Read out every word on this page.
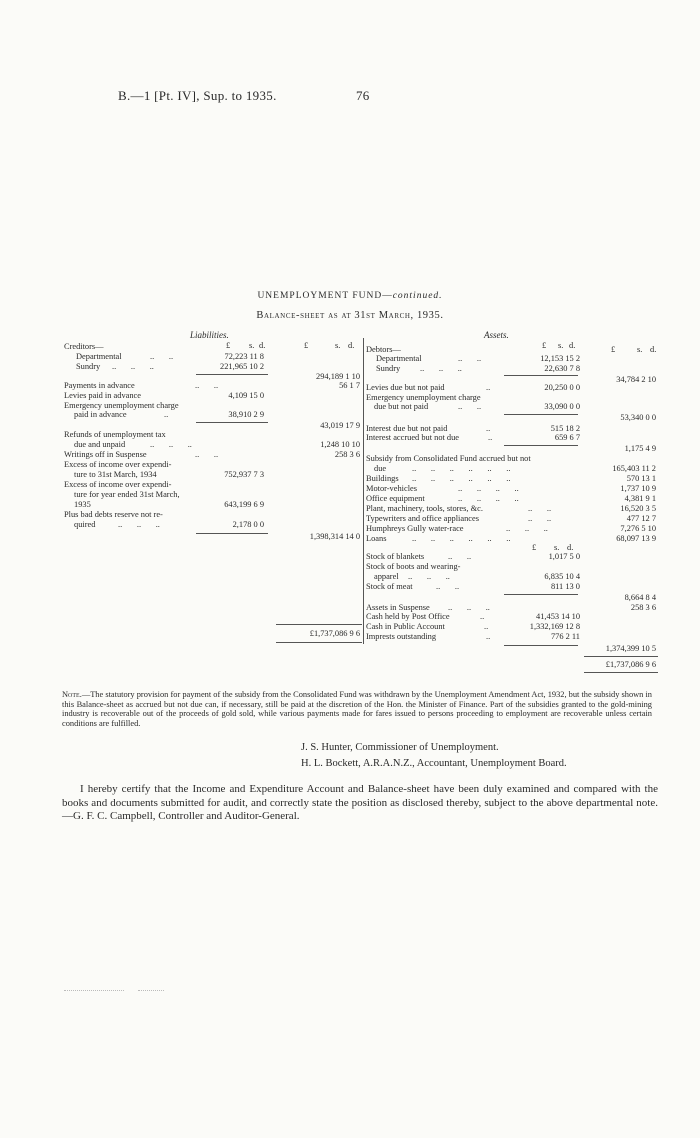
B.—1 [Pt. IV], Sup. to 1935.	76
UNEMPLOYMENT FUND—continued.
Balance-sheet as at 31st March, 1935.
Liabilities.
£ s. d.	£	s. d.
Creditors—
Departmental	..       ..	72,223 11 8
Sundry ..       ..       ..	221,965 10 2
294,189 1 10
Payments in advance	..       ..	56 1 7
Levies paid in advance	4,109 15 0
Emergency unemployment charge
paid in advance	..	38,910 2 9
43,019 17 9
Refunds of unemployment tax
due and unpaid	..       ..       ..	1,248 10 10
Writings off in Suspense	..       ..	258 3 6
Excess of income over expendi-
ture to 31st March, 1934	752,937 7 3
Excess of income over expendi-
ture for year ended 31st March,
1935	643,199 6 9
Plus bad debts reserve not re-
quired	..       ..       ..	2,178 0 0
1,398,314 14 0
£1,737,086 9 6
Assets.
£ s. d.	£	s. d.
Debtors—
Departmental	..       ..	12,153 15 2
Sundry ..       ..       ..	22,630 7 8
34,784 2 10
Levies due but not paid	..	20,250 0 0
Emergency unemployment charge
due but not paid	..       ..	33,090 0 0
53,340 0 0
Interest due but not paid	..	515 18 2
Interest accrued but not due	..	659 6 7
1,175 4 9
Subsidy from Consolidated Fund accrued but not
due	..       ..       ..       ..       ..       ..	165,403 11 2
Buildings ..       ..       ..       ..       ..       ..	570 13 1
Motor-vehicles	..       ..       ..       ..	1,737 10 9
Office equipment	..       ..       ..       ..	4,381 9 1
Plant, machinery, tools, stores, &c.	..       ..	16,520 3 5
Typewriters and office appliances	..       ..	477 12 7
Humphreys Gully water-race	..       ..       ..	7,276 5 10
Loans	..       ..       ..       ..       ..       ..	68,097 13 9
£ s. d.
Stock of blankets	..       ..	1,017 5 0
Stock of boots and wearing-
apparel ..       ..       ..	6,835 10 4
Stock of meat	..       ..	811 13 0
8,664 8 4
Assets in Suspense ..       ..       ..	258 3 6
Cash held by Post Office	..	41,453 14 10
Cash in Public Account	..	1,332,169 12 8
Imprests outstanding	..	776 2 11
1,374,399 10 5
£1,737,086 9 6
Note.—The statutory provision for payment of the subsidy from the Consolidated Fund was withdrawn by the Unemployment Amendment Act, 1932, but the subsidy shown in this Balance-sheet as accrued but not due can, if necessary, still be paid at the discretion of the Hon. the Minister of Finance. Part of the subsidies granted to the gold-mining industry is recoverable out of the proceeds of gold sold, while various payments made for fares issued to persons proceeding to employment are recoverable unless certain conditions are fulfilled.
J. S. Hunter, Commissioner of Unemployment.
H. L. Bockett, A.R.A.N.Z., Accountant, Unemployment Board.
I hereby certify that the Income and Expenditure Account and Balance-sheet have been duly examined and compared with the books and documents submitted for audit, and correctly state the position as disclosed thereby, subject to the above departmental note.—G. F. C. Campbell, Controller and Auditor-General.
